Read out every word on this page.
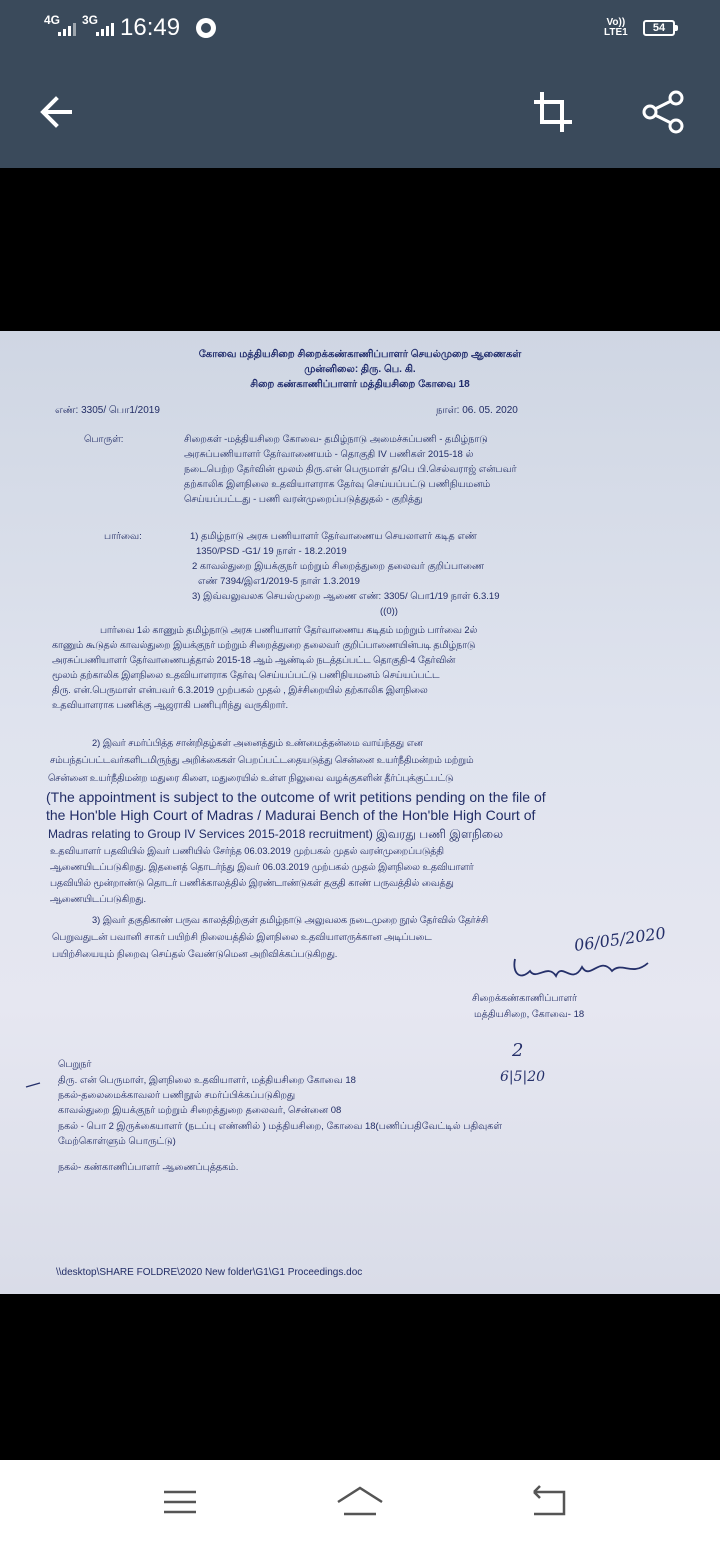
4G 3G 16:49	Vo))
LTE1	54
கோவை மத்தியசிறை சிறைக்கண்காணிப்பாளர் செயல்முறை ஆணைகள்
முன்னிலை: திரு. பெ. கி.
சிறை கண்காணிப்பாளர் மத்தியசிறை கோவை 18
எண்: 3305/ பொ1/2019	நாள்: 06. 05. 2020
பொருள்:	சிறைகள் -மத்தியசிறை கோவை- தமிழ்நாடு அமைச்சுப்பணி - தமிழ்நாடு
அரசுப்பணியாளர் தேர்வாணையம் - தொகுதி IV பணிகள் 2015-18 ல்
நடைபெற்ற தேர்வின் மூலம் திரு.என் பெருமாள் த/பெ பி.செல்வராஜ் என்பவர்
தற்காலிக இளநிலை உதவியாளராக தேர்வு செய்யப்பட்டு பணிநியமனம்
செய்யப்பட்டது - பணி வரன்முறைப்படுத்துதல் - குறித்து
பார்வை:	1) தமிழ்நாடு அரசு பணியாளர் தேர்வாணைய செயலாளர் கடித எண்
1350/PSD -G1/ 19 நாள் - 18.2.2019
2 காவல்துறை இயக்குநர் மற்றும் சிறைத்துறை தலைவர் குறிப்பாணை
எண் 7394/இஎ1/2019-5 நாள் 1.3.2019
3) இவ்வலுவலக செயல்முறை ஆணை எண்: 3305/ பொ1/19 நாள் 6.3.19
((0))
பார்வை 1ல் காணும் தமிழ்நாடு அரசு பணியாளர் தேர்வாணைய கடிதம் மற்றும் பார்வை 2ல்
காணும் கூடுதல் காவல்துறை இயக்குநர் மற்றும் சிறைத்துறை தலைவர் குறிப்பாணையின்படி தமிழ்நாடு
அரசுப்பணியாளர் தேர்வாணையத்தால் 2015-18 ஆம் ஆண்டில் நடத்தப்பட்ட தொகுதி-4 தேர்வின்
மூலம் தற்காலிக இளநிலை உதவியாளராக தேர்வு செய்யப்பட்டு பணிநியமனம் செய்யப்பட்ட
திரு. என்.பெருமாள் என்பவர் 6.3.2019 முற்பகல் முதல் , இச்சிறையில் தற்காலிக இளநிலை
உதவியாளராக பணிக்கு ஆஜராகி பணிபுரிந்து வருகிறார்.
2) இவர் சமர்ப்பித்த சான்றிதழ்கள் அனைத்தும் உண்மைத்தன்மை வாய்ந்தது என
சம்பந்தப்பட்டவர்களிடமிருந்து அறிக்கைகள் பெறப்பட்டதையடுத்து சென்னை உயர்நீதிமன்றம் மற்றும்
சென்னை உயர்நீதிமன்ற மதுரை கிளை, மதுரையில் உள்ள நிலுவை வழக்குகளின் தீர்ப்புக்குட்பட்டு
(The appointment is subject to the outcome of writ petitions pending on the file of
the Hon'ble High Court of Madras / Madurai Bench of the Hon'ble High Court of
Madras relating to Group IV Services 2015-2018 recruitment) இவரது பணி இளநிலை
உதவியாளர் பதவியில் இவர் பணியில் சேர்ந்த 06.03.2019 முற்பகல் முதல் வரன்முறைப்படுத்தி
ஆணையிடப்படுகிறது. இதனைத் தொடர்ந்து இவர் 06.03.2019 முற்பகல் முதல் இளநிலை உதவியாளர்
பதவியில் மூன்றாண்டு தொடர் பணிக்காலத்தில் இரண்டாண்டுகள் தகுதி காண் பருவத்தில் வைத்து
ஆணையிடப்படுகிறது.
3) இவர் தகுதிகாண் பருவ காலத்திற்குள் தமிழ்நாடு அலுவலக நடைமுறை நூல் தேர்வில் தேர்ச்சி
பெறுவதுடன் பவானி சாகர் பயிற்சி நிலையத்தில் இளநிலை உதவியாளருக்கான அடிப்படை
பயிற்சியையும் நிறைவு செய்தல் வேண்டுமென அறிவிக்கப்படுகிறது.	06/05/2020
சிறைக்கண்காணிப்பாளர்
மத்தியசிறை, கோவை- 18
2
6|5|20
பெறுநர்
திரு. என் பெருமாள், இளநிலை உதவியாளர், மத்தியசிறை கோவை 18
நகல்-தலைமைக்காவலர் பணிநூல் சமர்ப்பிக்கப்படுகிறது
காவல்துறை இயக்குநர் மற்றும் சிறைத்துறை தலைவர், சென்னை 08
நகல் - பொ 2 இருக்கையாளர் (நடப்பு எண்ணில் ) மத்தியசிறை, கோவை 18(பணிப்பதிவேட்டில் பதிவுகள்
மேற்கொள்ளும் பொருட்டு)
நகல்- கண்காணிப்பாளர் ஆணைப்புத்தகம்.
\\desktop\SHARE FOLDRE\2020 New folder\G1\G1 Proceedings.doc
